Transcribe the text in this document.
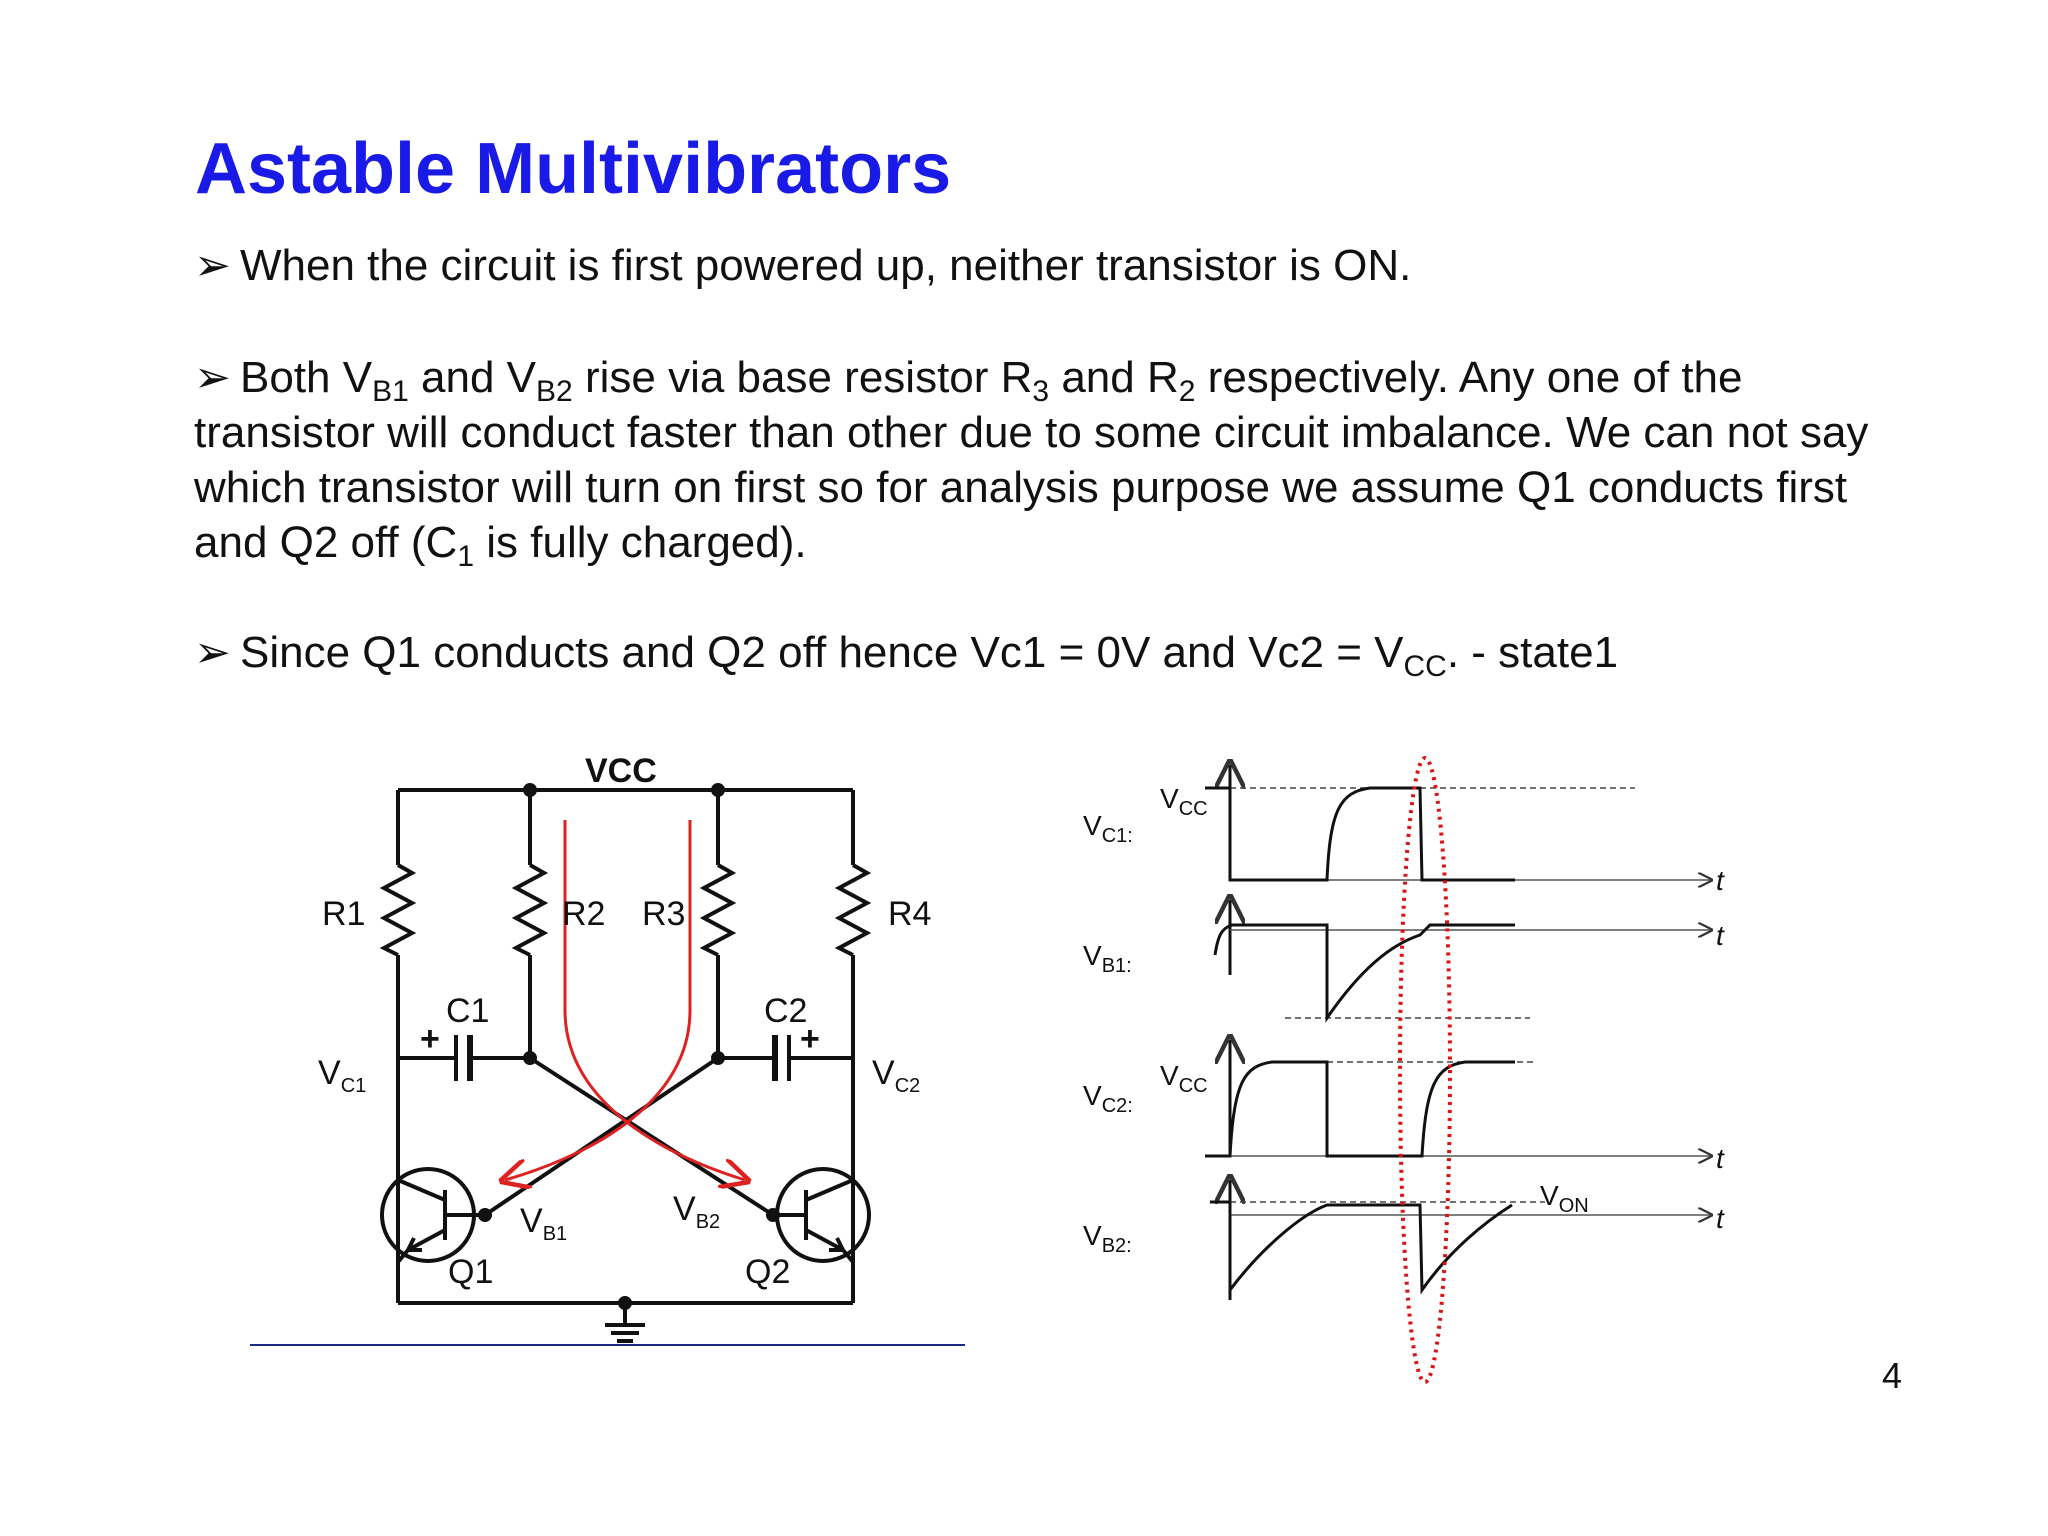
Astable Multivibrators

➢ When the circuit is first powered up, neither transistor is ON.

➢ Both $V_{B1}$ and $V_{B2}$ rise via base resistor $R_3$ and $R_2$ respectively. Any one of the transistor will conduct faster than other due to some circuit imbalance. We can not say which transistor will turn on first so for analysis purpose we assume Q1 conducts first and Q2 off ($C_1$ is fully charged).

➢ Since Q1 conducts and Q2 off hence Vc1 = 0V and $Vc2 = V_{CC}$. - state1

4
VCC
R1	R2 R3	R4
C1	C2
+	+
$V_{C1}$	$V_{C2}$
$V_{B1}$
$V_{B2}$
Q1	Q2
$V_{C1:}$
$V_{CC}$
t
$V_{B1:}$
t
$V_{C2:}$
$V_{CC}$
t
$V_{B2:}$
$V_{ON}$	t
